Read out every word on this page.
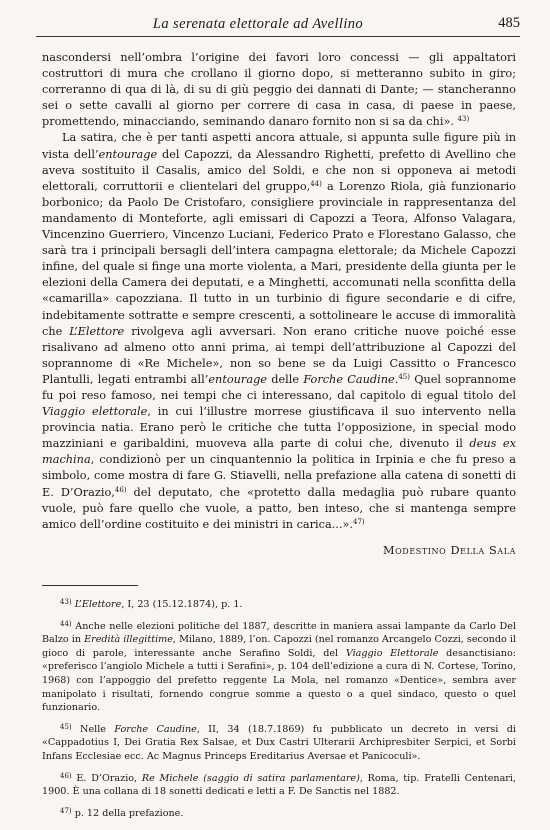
La serenata elettorale ad Avellino	485

nascondersi nell’ombra l’origine dei favori loro concessi — gli appaltatori costruttori di mura che crollano il giorno dopo, si metteranno subito in giro; correranno di qua di là, di su di giù peggio dei dannati di Dante; — stancheranno sei o sette cavalli al giorno per correre di casa in casa, di paese in paese, promettendo, minacciando, seminando danaro fornito non si sa da chi». $^{43)}$

La satira, che è per tanti aspetti ancora attuale, si appunta sulle figure più in vista dell’entourage del Capozzi, da Alessandro Righetti, prefetto di Avellino che aveva sostituito il Casalis, amico del Soldi, e che non si opponeva ai metodi elettorali, corruttorii e clientelari del gruppo,$^{44)}$ a Lorenzo Riola, già funzionario borbonico; da Paolo De Cristofaro, consigliere provinciale in rappresentanza del mandamento di Monteforte, agli emissari di Capozzi a Teora, Alfonso Valagara, Vincenzino Guerriero, Vincenzo Luciani, Federico Prato e Florestano Galasso, che sarà tra i principali bersagli dell’intera campagna elettorale; da Michele Capozzi infine, del quale si finge una morte violenta, a Mari, presidente della giunta per le elezioni della Camera dei deputati, e a Minghetti, accomunati nella sconfitta della «camarilla» capozziana. Il tutto in un turbinio di figure secondarie e di cifre, indebitamente sottratte e sempre crescenti, a sottolineare le accuse di immoralità che L’Elettore rivolgeva agli avversari. Non erano critiche nuove poiché esse risalivano ad almeno otto anni prima, ai tempi dell’attribuzione al Capozzi del soprannome di «Re Michele», non so bene se da Luigi Cassitto o Francesco Plantulli, legati entrambi all’entourage delle Forche Caudine.$^{45)}$ Quel soprannome fu poi reso famoso, nei tempi che ci interessano, dal capitolo di egual titolo del Viaggio elettorale, in cui l’illustre morrese giustificava il suo intervento nella provincia natia. Erano però le critiche che tutta l’opposizione, in special modo mazziniani e garibaldini, muoveva alla parte di colui che, divenuto il deus ex machina, condizionò per un cinquantennio la politica in Irpinia e che fu preso a simbolo, come mostra di fare G. Stiavelli, nella prefazione alla catena di sonetti di E. D’Orazio,$^{46)}$ del deputato, che «protetto dalla medaglia può rubare quanto vuole, può fare quello che vuole, a patto, ben inteso, che si mantenga sempre amico dell’ordine costituito e dei ministri in carica...».$^{47)}$

Modestino Della Sala

$^{43)}$ L’Elettore, I, 23 (15.12.1874), p. 1.

$^{44)}$ Anche nelle elezioni politiche del 1887, descritte in maniera assai lampante da Carlo Del Balzo in Eredità illegittime, Milano, 1889, l’on. Capozzi (nel romanzo Arcangelo Cozzi, secondo il gioco di parole, interessante anche Serafino Soldi, del Viaggio Elettorale desanctisiano: «preferisco l’angiolo Michele a tutti i Serafini», p. 104 dell’edizione a cura di N. Cortese, Torino, 1968) con l’appoggio del prefetto reggente La Mola, nel romanzo «Dentice», sembra aver manipolato i risultati, fornendo congrue somme a questo o a quel sindaco, questo o quel funzionario.

$^{45)}$ Nelle Forche Caudine, II, 34 (18.7.1869) fu pubblicato un decreto in versi di «Cappadotius I, Dei Gratia Rex Salsae, et Dux Castri Ulterarii Archipresbiter Serpici, et Sorbi Infans Ecclesiae ecc. Ac Magnus Princeps Ereditarius Aversae et Panicoculi».

$^{46)}$ E. D’Orazio, Re Michele (saggio di satira parlamentare), Roma, tip. Fratelli Centenari, 1900. È una collana di 18 sonetti dedicati e letti a F. De Sanctis nel 1882.

$^{47)}$ p. 12 della prefazione.
